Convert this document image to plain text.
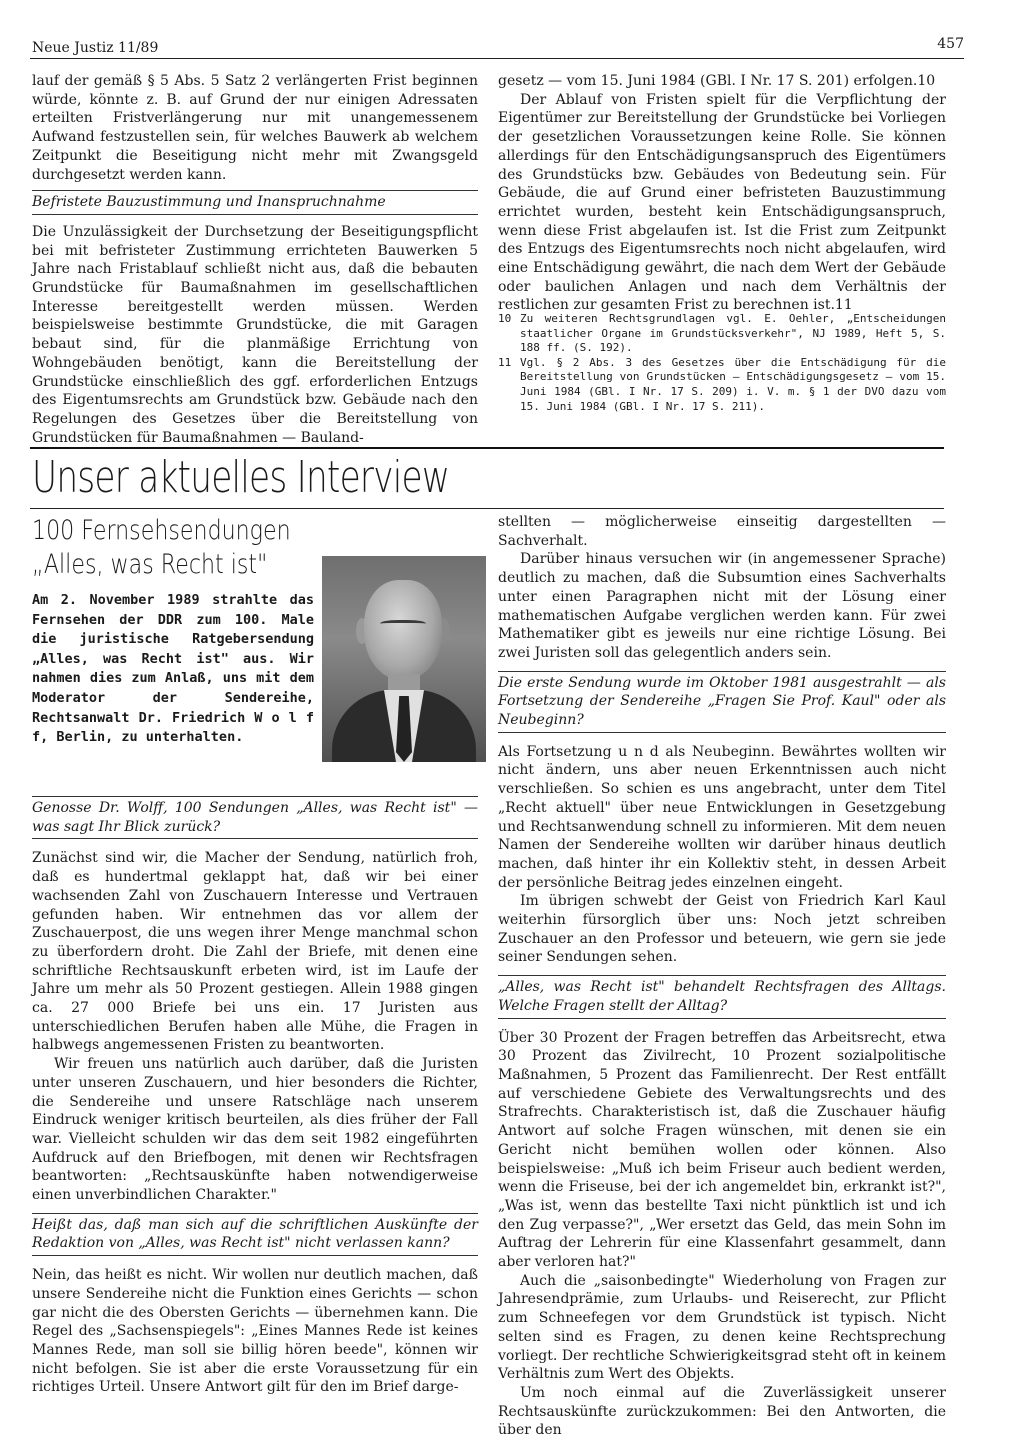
Neue Justiz 11/89	457

lauf der gemäß § 5 Abs. 5 Satz 2 verlängerten Frist beginnen würde, könnte z. B. auf Grund der nur einigen Adressaten erteilten Fristverlängerung nur mit unangemessenem Aufwand festzustellen sein, für welches Bauwerk ab welchem Zeitpunkt die Beseitigung nicht mehr mit Zwangsgeld durchgesetzt werden kann.

Befristete Bauzustimmung und Inanspruchnahme

Die Unzulässigkeit der Durchsetzung der Beseitigungspflicht bei mit befristeter Zustimmung errichteten Bauwerken 5 Jahre nach Fristablauf schließt nicht aus, daß die bebauten Grundstücke für Baumaßnahmen im gesellschaftlichen Interesse bereitgestellt werden müssen. Werden beispielsweise bestimmte Grundstücke, die mit Garagen bebaut sind, für die planmäßige Errichtung von Wohngebäuden benötigt, kann die Bereitstellung der Grundstücke einschließlich des ggf. erforderlichen Entzugs des Eigentumsrechts am Grundstück bzw. Gebäude nach den Regelungen des Gesetzes über die Bereitstellung von Grundstücken für Baumaßnahmen — Bauland-

gesetz — vom 15. Juni 1984 (GBl. I Nr. 17 S. 201) erfolgen.10

Der Ablauf von Fristen spielt für die Verpflichtung der Eigentümer zur Bereitstellung der Grundstücke bei Vorliegen der gesetzlichen Voraussetzungen keine Rolle. Sie können allerdings für den Entschädigungsanspruch des Eigentümers des Grundstücks bzw. Gebäudes von Bedeutung sein. Für Gebäude, die auf Grund einer befristeten Bauzustimmung errichtet wurden, besteht kein Entschädigungsanspruch, wenn diese Frist abgelaufen ist. Ist die Frist zum Zeitpunkt des Entzugs des Eigentumsrechts noch nicht abgelaufen, wird eine Entschädigung gewährt, die nach dem Wert der Gebäude oder baulichen Anlagen und nach dem Verhältnis der restlichen zur gesamten Frist zu berechnen ist.11

10 Zu weiteren Rechtsgrundlagen vgl. E. Oehler, „Entscheidungen staatlicher Organe im Grundstücksverkehr", NJ 1989, Heft 5, S. 188 ff. (S. 192).
11 Vgl. § 2 Abs. 3 des Gesetzes über die Entschädigung für die Bereitstellung von Grundstücken — Entschädigungsgesetz — vom 15. Juni 1984 (GBl. I Nr. 17 S. 209) i. V. m. § 1 der DVO dazu vom 15. Juni 1984 (GBl. I Nr. 17 S. 211).
Unser aktuelles Interview
100 Fernsehsendungen
„Alles, was Recht ist"
Am 2. November 1989 strahlte das Fernsehen der DDR zum 100. Male die juristische Ratgebersendung „Alles, was Recht ist" aus. Wir nahmen dies zum Anlaß, uns mit dem Moderator der Sendereihe, Rechtsanwalt Dr. Friedrich W o l f f, Berlin, zu unterhalten.
Genosse Dr. Wolff, 100 Sendungen „Alles, was Recht ist" — was sagt Ihr Blick zurück?

Zunächst sind wir, die Macher der Sendung, natürlich froh, daß es hundertmal geklappt hat, daß wir bei einer wachsenden Zahl von Zuschauern Interesse und Vertrauen gefunden haben. Wir entnehmen das vor allem der Zuschauerpost, die uns wegen ihrer Menge manchmal schon zu überfordern droht. Die Zahl der Briefe, mit denen eine schriftliche Rechtsauskunft erbeten wird, ist im Laufe der Jahre um mehr als 50 Prozent gestiegen. Allein 1988 gingen ca. 27 000 Briefe bei uns ein. 17 Juristen aus unterschiedlichen Berufen haben alle Mühe, die Fragen in halbwegs angemessenen Fristen zu beantworten.

Wir freuen uns natürlich auch darüber, daß die Juristen unter unseren Zuschauern, und hier besonders die Richter, die Sendereihe und unsere Ratschläge nach unserem Eindruck weniger kritisch beurteilen, als dies früher der Fall war. Vielleicht schulden wir das dem seit 1982 eingeführten Aufdruck auf den Briefbogen, mit denen wir Rechtsfragen beantworten: „Rechtsauskünfte haben notwendigerweise einen unverbindlichen Charakter."

Heißt das, daß man sich auf die schriftlichen Auskünfte der Redaktion von „Alles, was Recht ist" nicht verlassen kann?

Nein, das heißt es nicht. Wir wollen nur deutlich machen, daß unsere Sendereihe nicht die Funktion eines Gerichts — schon gar nicht die des Obersten Gerichts — übernehmen kann. Die Regel des „Sachsenspiegels": „Eines Mannes Rede ist keines Mannes Rede, man soll sie billig hören beede", können wir nicht befolgen. Sie ist aber die erste Voraussetzung für ein richtiges Urteil. Unsere Antwort gilt für den im Brief darge-

stellten — möglicherweise einseitig dargestellten — Sachverhalt.

Darüber hinaus versuchen wir (in angemessener Sprache) deutlich zu machen, daß die Subsumtion eines Sachverhalts unter einen Paragraphen nicht mit der Lösung einer mathematischen Aufgabe verglichen werden kann. Für zwei Mathematiker gibt es jeweils nur eine richtige Lösung. Bei zwei Juristen soll das gelegentlich anders sein.

Die erste Sendung wurde im Oktober 1981 ausgestrahlt — als Fortsetzung der Sendereihe „Fragen Sie Prof. Kaul" oder als Neubeginn?

Als Fortsetzung u n d als Neubeginn. Bewährtes wollten wir nicht ändern, uns aber neuen Erkenntnissen auch nicht verschließen. So schien es uns angebracht, unter dem Titel „Recht aktuell" über neue Entwicklungen in Gesetzgebung und Rechtsanwendung schnell zu informieren. Mit dem neuen Namen der Sendereihe wollten wir darüber hinaus deutlich machen, daß hinter ihr ein Kollektiv steht, in dessen Arbeit der persönliche Beitrag jedes einzelnen eingeht.

Im übrigen schwebt der Geist von Friedrich Karl Kaul weiterhin fürsorglich über uns: Noch jetzt schreiben Zuschauer an den Professor und beteuern, wie gern sie jede seiner Sendungen sehen.

„Alles, was Recht ist" behandelt Rechtsfragen des Alltags. Welche Fragen stellt der Alltag?

Über 30 Prozent der Fragen betreffen das Arbeitsrecht, etwa 30 Prozent das Zivilrecht, 10 Prozent sozialpolitische Maßnahmen, 5 Prozent das Familienrecht. Der Rest entfällt auf verschiedene Gebiete des Verwaltungsrechts und des Strafrechts. Charakteristisch ist, daß die Zuschauer häufig Antwort auf solche Fragen wünschen, mit denen sie ein Gericht nicht bemühen wollen oder können. Also beispielsweise: „Muß ich beim Friseur auch bedient werden, wenn die Friseuse, bei der ich angemeldet bin, erkrankt ist?", „Was ist, wenn das bestellte Taxi nicht pünktlich ist und ich den Zug verpasse?", „Wer ersetzt das Geld, das mein Sohn im Auftrag der Lehrerin für eine Klassenfahrt gesammelt, dann aber verloren hat?"

Auch die „saisonbedingte" Wiederholung von Fragen zur Jahresendprämie, zum Urlaubs- und Reiserecht, zur Pflicht zum Schneefegen vor dem Grundstück ist typisch. Nicht selten sind es Fragen, zu denen keine Rechtsprechung vorliegt. Der rechtliche Schwierigkeitsgrad steht oft in keinem Verhältnis zum Wert des Objekts.

Um noch einmal auf die Zuverlässigkeit unserer Rechtsauskünfte zurückzukommen: Bei den Antworten, die über den
